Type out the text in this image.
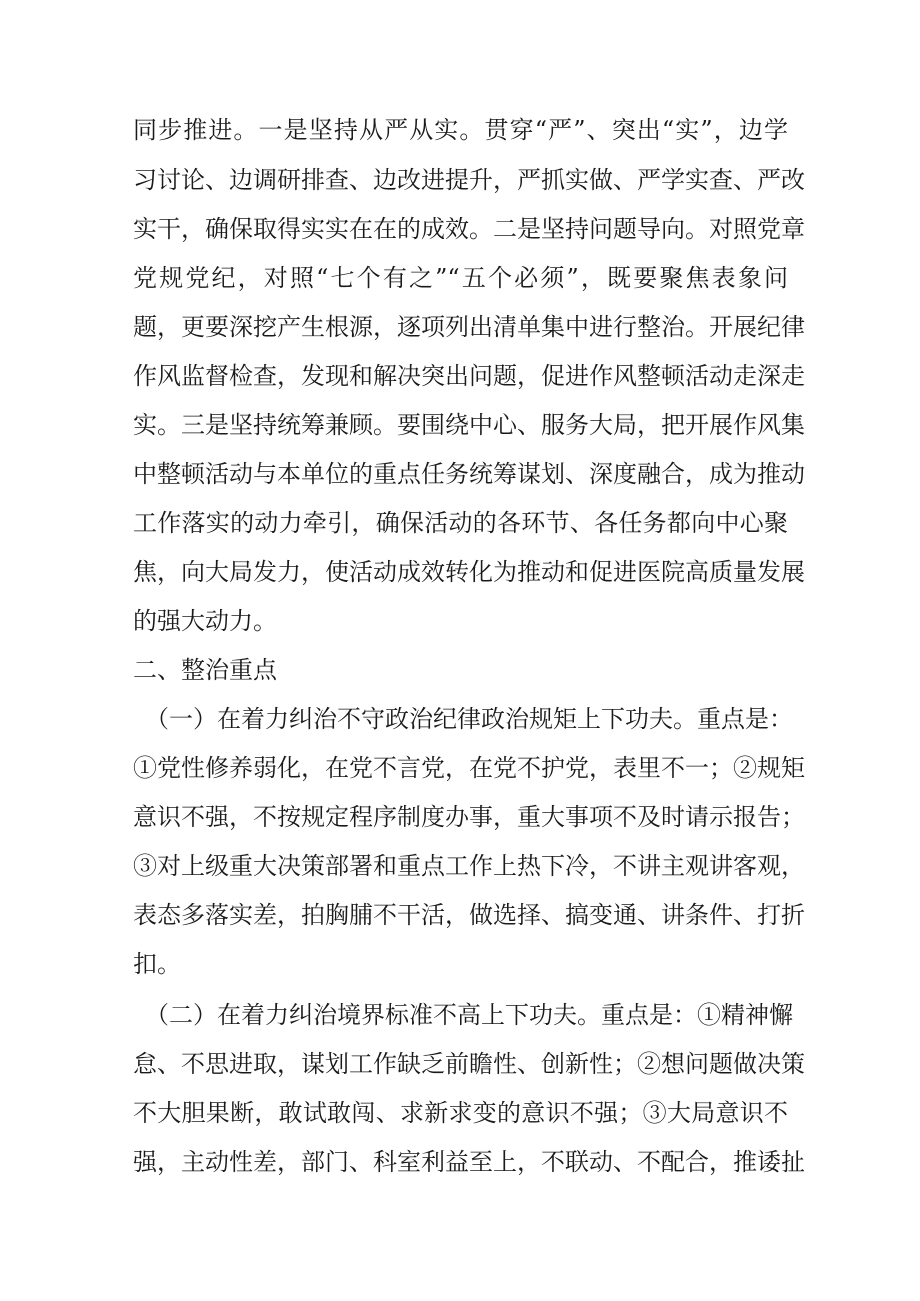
同步推进。一是坚持从严从实。贯穿“严”、突出“实”，边学
习讨论、边调研排查、边改进提升，严抓实做、严学实查、严改
实干，确保取得实实在在的成效。二是坚持问题导向。对照党章
党规党纪，对照“七个有之”“五个必须”，既要聚焦表象问
题，更要深挖产生根源，逐项列出清单集中进行整治。开展纪律
作风监督检查，发现和解决突出问题，促进作风整顿活动走深走
实。三是坚持统筹兼顾。要围绕中心、服务大局，把开展作风集
中整顿活动与本单位的重点任务统筹谋划、深度融合，成为推动
工作落实的动力牵引，确保活动的各环节、各任务都向中心聚
焦，向大局发力，使活动成效转化为推动和促进医院高质量发展
的强大动力。
二、整治重点
（一）在着力纠治不守政治纪律政治规矩上下功夫。重点是：
①党性修养弱化，在党不言党，在党不护党，表里不一；②规矩
意识不强，不按规定程序制度办事，重大事项不及时请示报告；
③对上级重大决策部署和重点工作上热下冷，不讲主观讲客观，
表态多落实差，拍胸脯不干活，做选择、搞变通、讲条件、打折
扣。
（二）在着力纠治境界标准不高上下功夫。重点是：①精神懈
怠、不思进取，谋划工作缺乏前瞻性、创新性；②想问题做决策
不大胆果断，敢试敢闯、求新求变的意识不强；③大局意识不
强，主动性差，部门、科室利益至上，不联动、不配合，推诿扯
